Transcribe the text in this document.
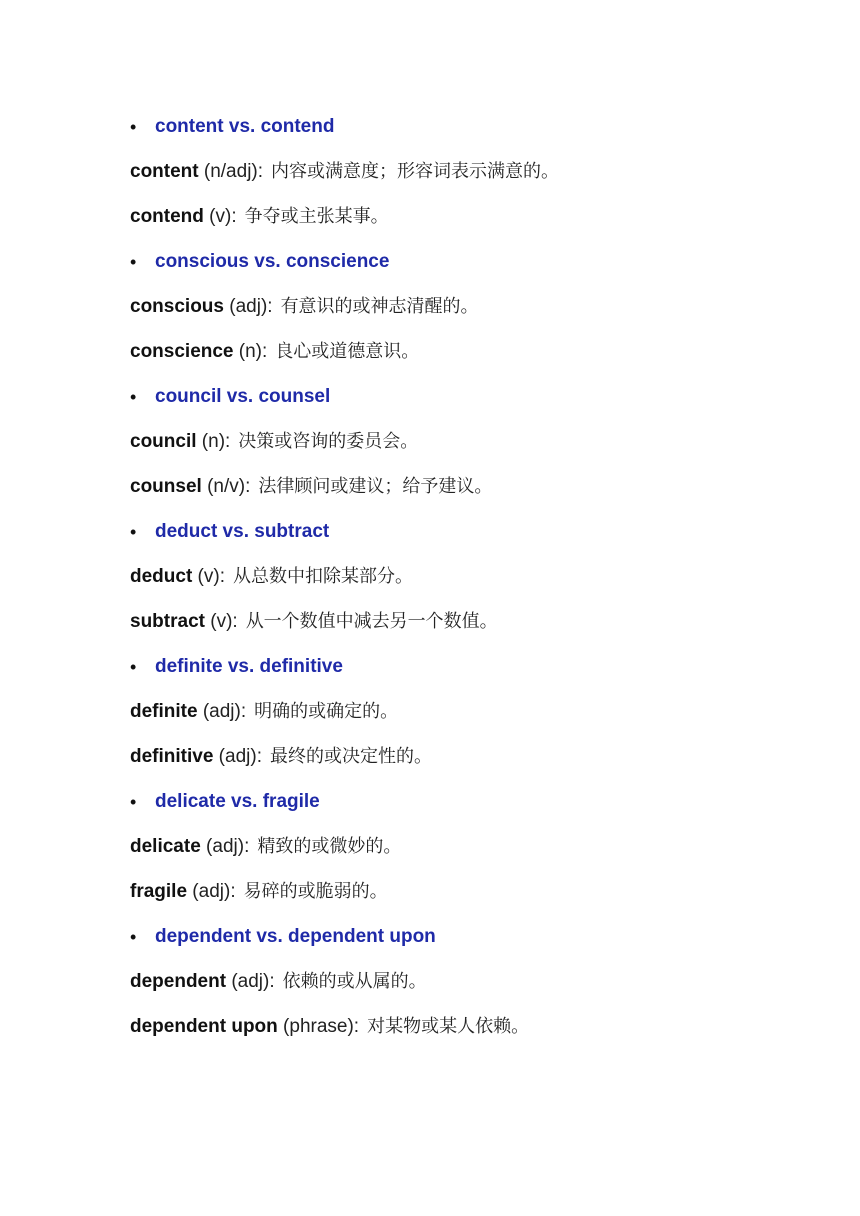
• content vs. contend
content (n/adj): 内容或满意度；形容词表示满意的。
contend (v): 争夺或主张某事。
• conscious vs. conscience
conscious (adj): 有意识的或神志清醒的。
conscience (n): 良心或道德意识。
• council vs. counsel
council (n): 决策或咨询的委员会。
counsel (n/v): 法律顾问或建议；给予建议。
• deduct vs. subtract
deduct (v): 从总数中扣除某部分。
subtract (v): 从一个数值中减去另一个数值。
• definite vs. definitive
definite (adj): 明确的或确定的。
definitive (adj): 最终的或决定性的。
• delicate vs. fragile
delicate (adj): 精致的或微妙的。
fragile (adj): 易碎的或脆弱的。
• dependent vs. dependent upon
dependent (adj): 依赖的或从属的。
dependent upon (phrase): 对某物或某人依赖。
